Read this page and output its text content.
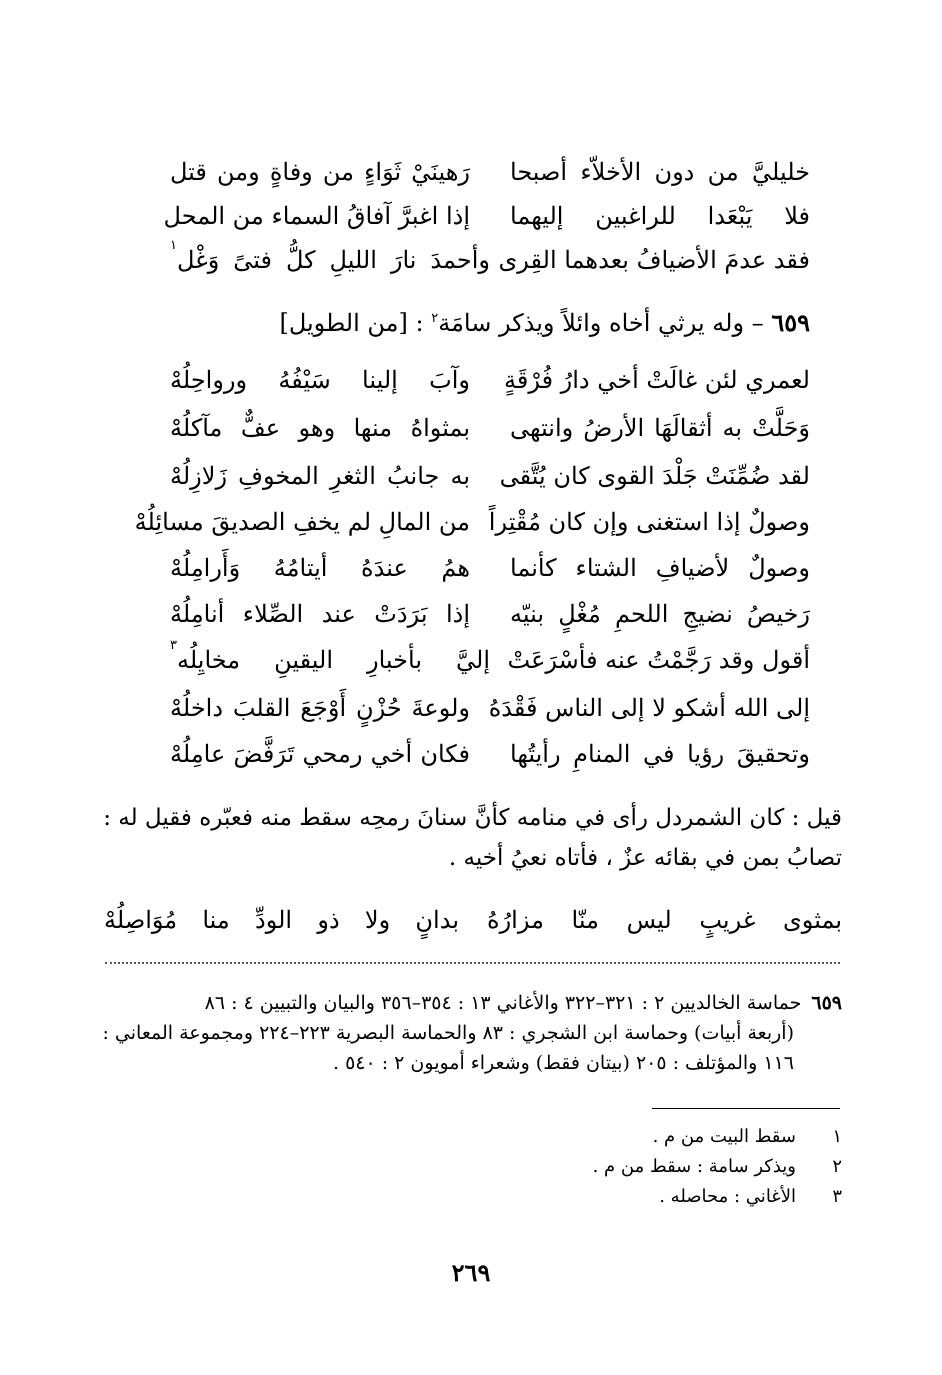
خليليَّ من دون الأخلاّء أصبحا
رَهينَيْ ثَوَاءٍ من وفاةٍ ومن قتل
فلا يَبْعَدا للراغبين إليهما
إذا اغبرَّ آفاقُ السماء من المحل
فقد عدمَ الأضيافُ بعدهما القِرى
وأحمدَ نارَ الليلِ كلُّ فتىً وَغْل
١
٦٥٩ – وله يرثي أخاه وائلاً ويذكر سامَة$^٢$ : [من الطويل]
لعمري لئن غالَتْ أخي دارُ فُرْقَةٍ
وآبَ إلينا سَيْفُهُ ورواحِلُهْ
وَحَلَّتْ به أثقالَهَا الأرضُ وانتهى
بمثواهُ منها وهو عفٌّ مآكلُهْ
لقد ضُمِّنَتْ جَلْدَ القوى كان يُتَّقى
به جانبُ الثغرِ المخوفِ زَلازِلُهْ
وصولٌ إذا استغنى وإن كان مُقْتِراً
من المالِ لم يخفِ الصديقَ مسائِلُهْ
وصولٌ لأضيافِ الشتاء كأنما
همُ عندَهُ أيتامُهُ وَأَرامِلُهْ
رَخيصُ نضيجِ اللحمِ مُغْلٍ بنيّه
إذا بَرَدَتْ عند الصِّلاء أنامِلُهْ
أقول وقد رَجَّمْتُ عنه فأسْرَعَتْ
إليَّ بأخبارِ اليقينِ مخايِلُه
٣
إلى الله أشكو لا إلى الناس فَقْدَهُ
ولوعةَ حُزْنٍ أَوْجَعَ القلبَ داخلُهْ
وتحقيقَ رؤيا في المنامِ رأيتُها
فكان أخي رمحي تَرَفَّضَ عامِلُهْ
قيل : كان الشمردل رأى في منامه كأنَّ سنانَ رمحِه سقط منه فعبّره فقيل له :
تصابُ بمن في بقائه عزٌ ، فأتاه نعيُ أخيه .
بمثوى غريبٍ ليس منّا مزارُهُ
بدانٍ ولا ذو الودِّ منا مُوَاصِلُهْ
٦٥٩حماسة الخالديين ٢ : ٣٢١–٣٢٢ والأغاني ١٣ : ٣٥٤–٣٥٦ والبيان والتبيين ٤ : ٨٦
(أربعة أبيات) وحماسة ابن الشجري : ٨٣ والحماسة البصرية ٢٢٣–٢٢٤ ومجموعة المعاني :
١١٦ والمؤتلف : ٢٠٥ (بيتان فقط) وشعراء أمويون ٢ : ٥٤٠ .
١سقط البيت من م .
٢ويذكر سامة : سقط من م .
٣الأغاني : محاصله .
٢٦٩
